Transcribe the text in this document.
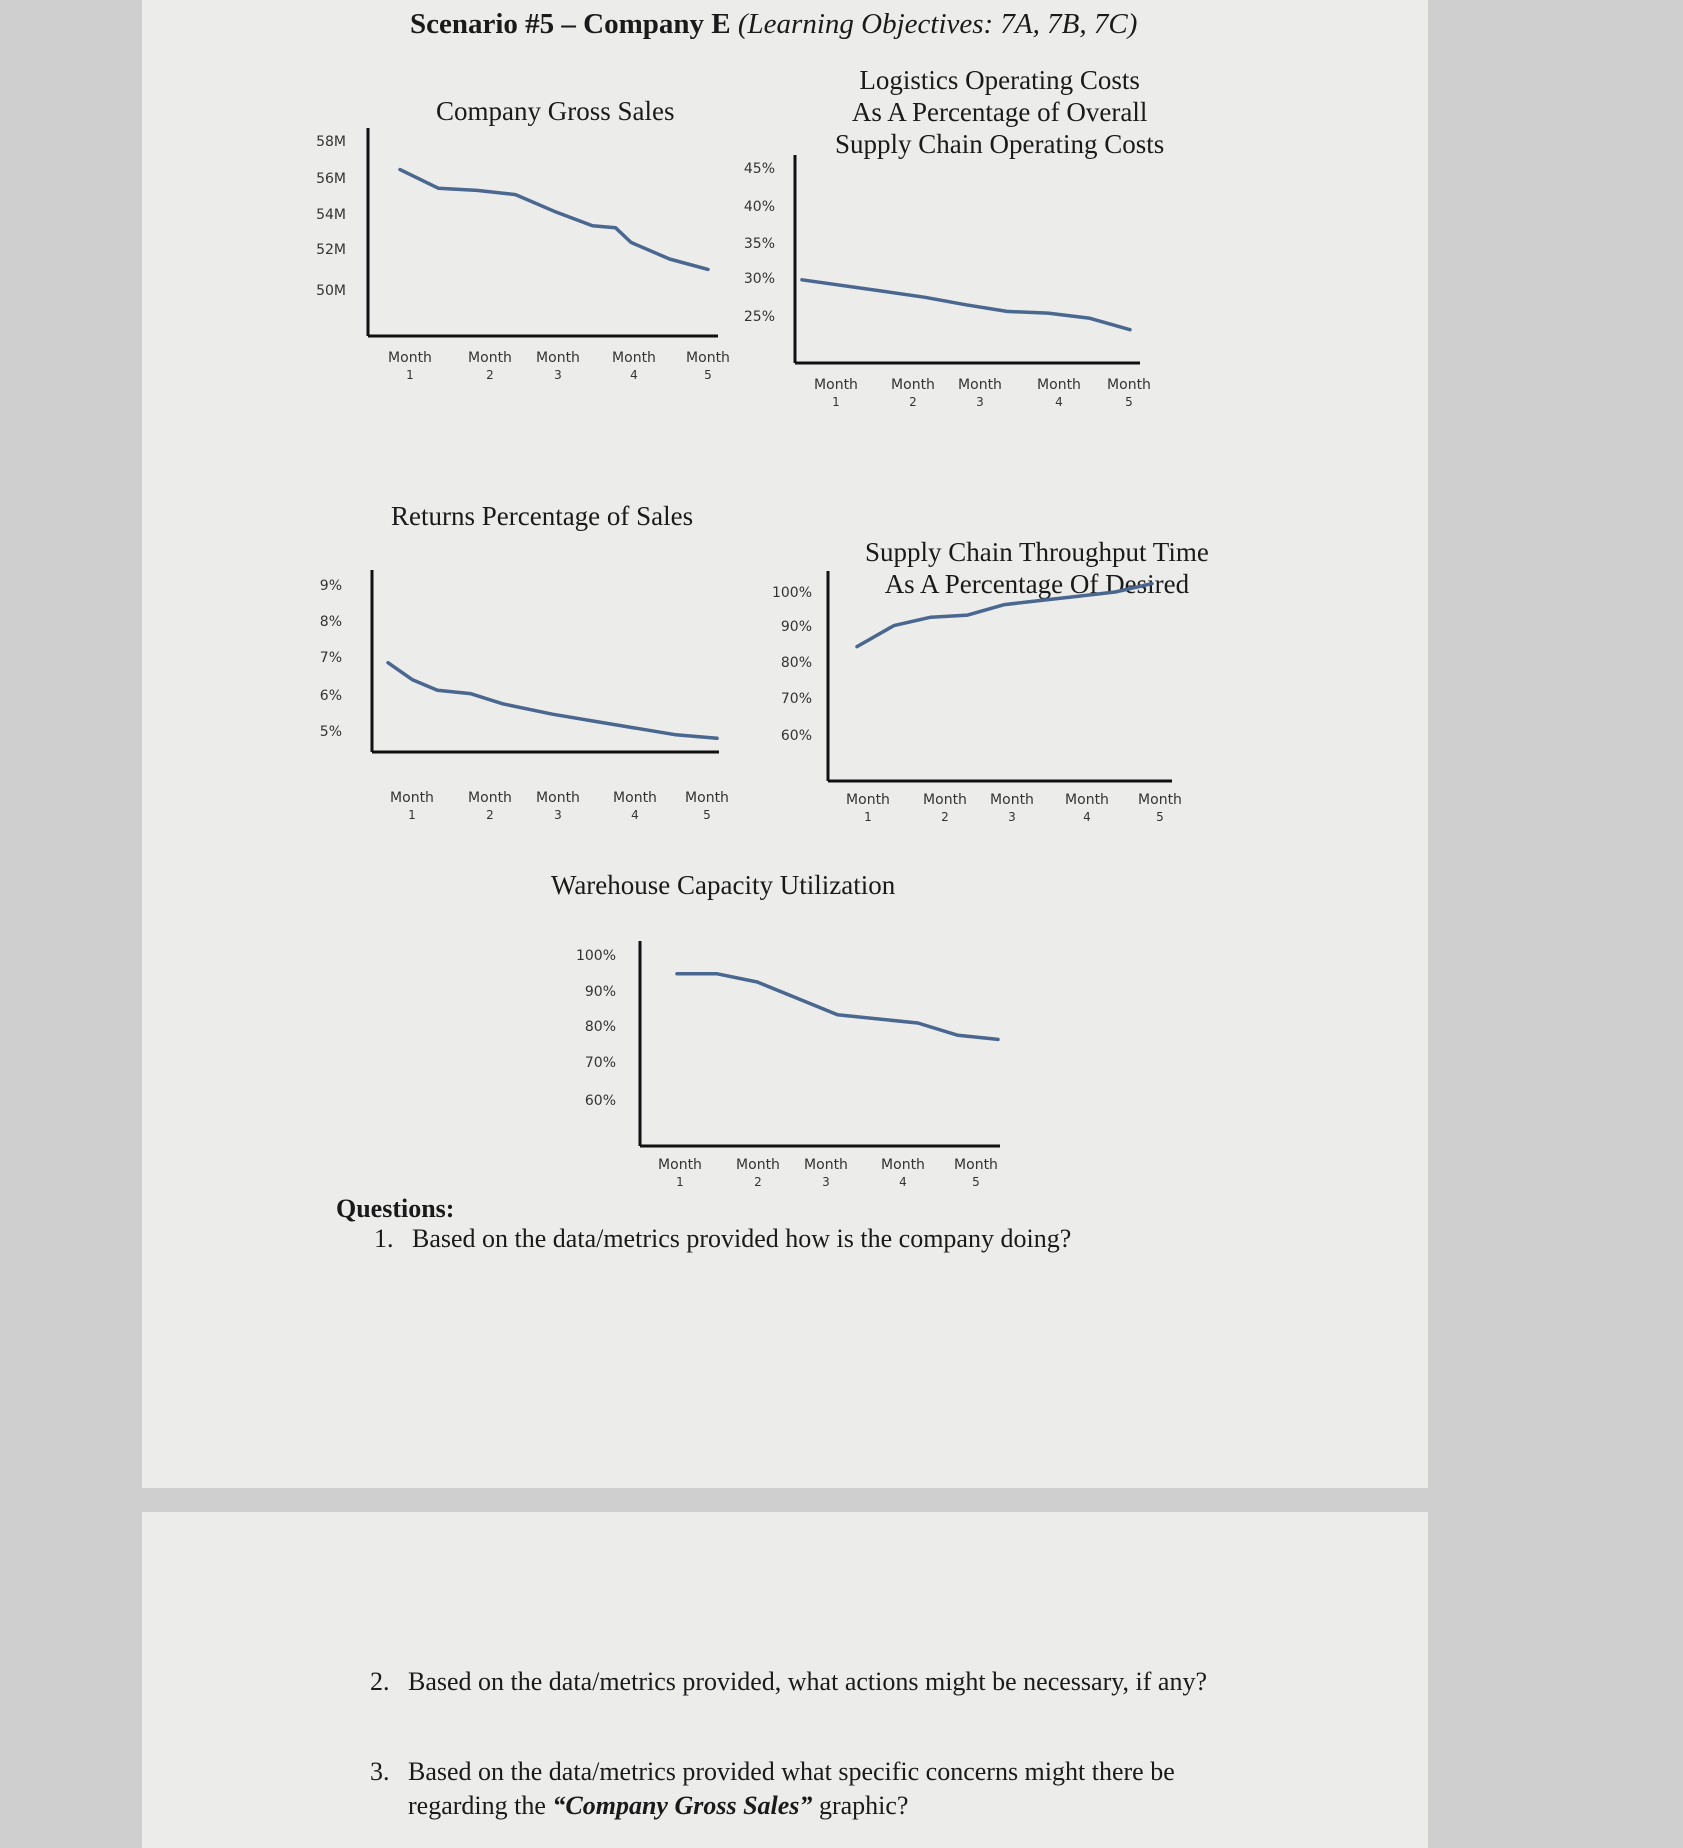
Scenario #5 – Company E (Learning Objectives: 7A, 7B, 7C)
Company Gross Sales
Logistics Operating Costs
As A Percentage of Overall
Supply Chain Operating Costs
Returns Percentage of Sales
Supply Chain Throughput Time
As A Percentage Of Desired
Warehouse Capacity Utilization
58M
56M
54M
52M
50M
Month 1
Month 2
Month 3
Month 4
Month 5
45%
40%
35%
30%
25%
Month 1
Month 2
Month 3
Month 4
Month 5
9%
8%
7%
6%
5%
Month 1
Month 2
Month 3
Month 4
Month 5
100%
90%
80%
70%
60%
Month 1
Month 2
Month 3
Month 4
Month 5
100%
90%
80%
70%
60%
Month 1
Month 2
Month 3
Month 4
Month 5
Questions:
1. Based on the data/metrics provided how is the company doing?
2. Based on the data/metrics provided, what actions might be necessary, if any?
3. Based on the data/metrics provided what specific concerns might there be
regarding the “Company Gross Sales” graphic?
